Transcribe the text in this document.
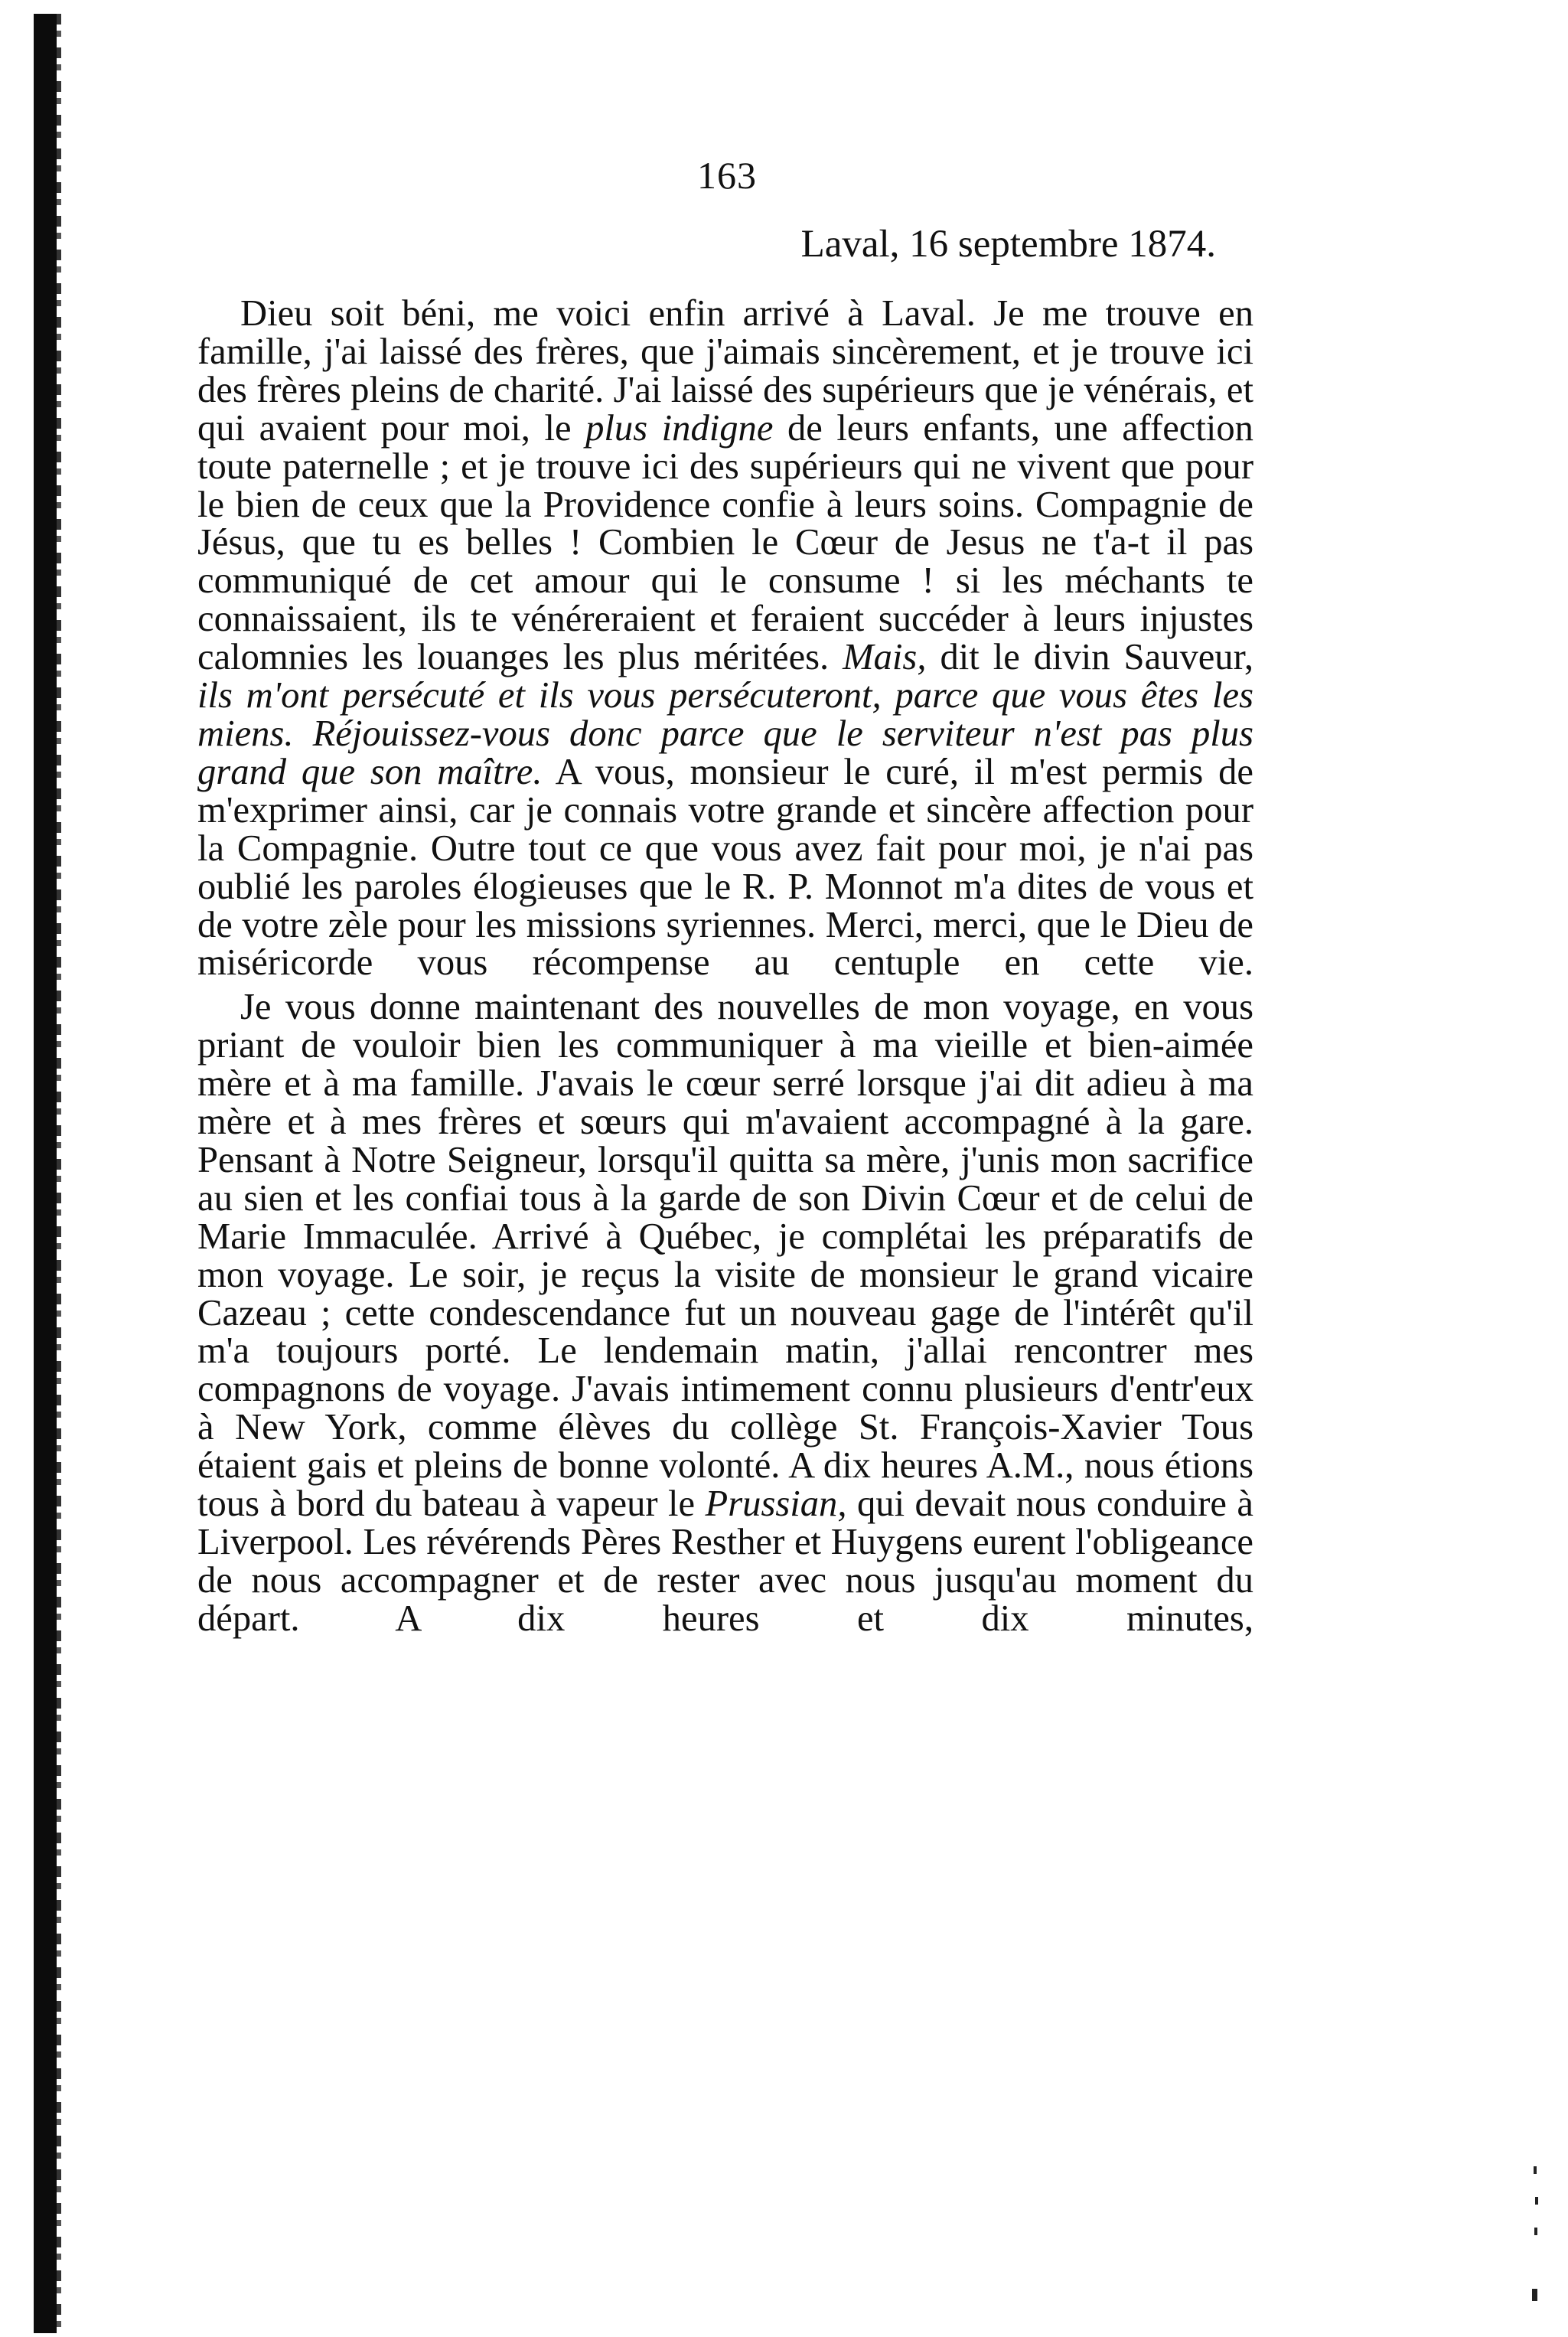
163
Laval, 16 septembre 1874.

Dieu soit béni, me voici enfin arrivé à Laval. Je me trouve en famille, j'ai laissé des frères, que j'aimais sincèrement, et je trouve ici des frères pleins de charité. J'ai laissé des supérieurs que je vénérais, et qui avaient pour moi, le plus indigne de leurs enfants, une affection toute paternelle ; et je trouve ici des supérieurs qui ne vivent que pour le bien de ceux que la Providence confie à leurs soins. Compagnie de Jésus, que tu es belles ! Combien le Cœur de Jesus ne t'a-t il pas communiqué de cet amour qui le consume ! si les méchants te connaissaient, ils te vénéreraient et feraient succéder à leurs injustes calomnies les louanges les plus méritées. Mais, dit le divin Sauveur, ils m'ont persécuté et ils vous persécuteront, parce que vous êtes les miens. Réjouissez-vous donc parce que le serviteur n'est pas plus grand que son maître. A vous, monsieur le curé, il m'est permis de m'exprimer ainsi, car je connais votre grande et sincère affection pour la Compagnie. Outre tout ce que vous avez fait pour moi, je n'ai pas oublié les paroles élogieuses que le R. P. Monnot m'a dites de vous et de votre zèle pour les missions syriennes. Merci, merci, que le Dieu de miséricorde vous récompense au centuple en cette vie.

Je vous donne maintenant des nouvelles de mon voyage, en vous priant de vouloir bien les communiquer à ma vieille et bien-aimée mère et à ma famille. J'avais le cœur serré lorsque j'ai dit adieu à ma mère et à mes frères et sœurs qui m'avaient accompagné à la gare. Pensant à Notre Seigneur, lorsqu'il quitta sa mère, j'unis mon sacrifice au sien et les confiai tous à la garde de son Divin Cœur et de celui de Marie Immaculée. Arrivé à Québec, je complétai les préparatifs de mon voyage. Le soir, je reçus la visite de monsieur le grand vicaire Cazeau ; cette condescendance fut un nouveau gage de l'intérêt qu'il m'a toujours porté. Le lendemain matin, j'allai rencontrer mes compagnons de voyage. J'avais intimement connu plusieurs d'entr'eux à New York, comme élèves du collège St. François-Xavier Tous étaient gais et pleins de bonne volonté. A dix heures A.M., nous étions tous à bord du bateau à vapeur le Prussian, qui devait nous conduire à Liverpool. Les révérends Pères Resther et Huygens eurent l'obligeance de nous accompagner et de rester avec nous jusqu'au moment du départ. A dix heures et dix minutes,
